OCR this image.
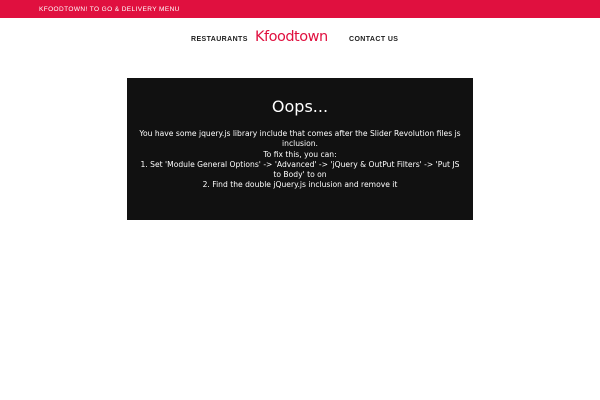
KFOODTOWN! TO GO & DELIVERY MENU
RESTAURANTS Kfoodtown	CONTACT US
Oops...
You have some jquery.js library include that comes after the Slider Revolution files js inclusion.
To fix this, you can:
1. Set 'Module General Options' -> 'Advanced' -> 'jQuery & OutPut Filters' -> 'Put JS to Body' to on
2. Find the double jQuery.js inclusion and remove it
